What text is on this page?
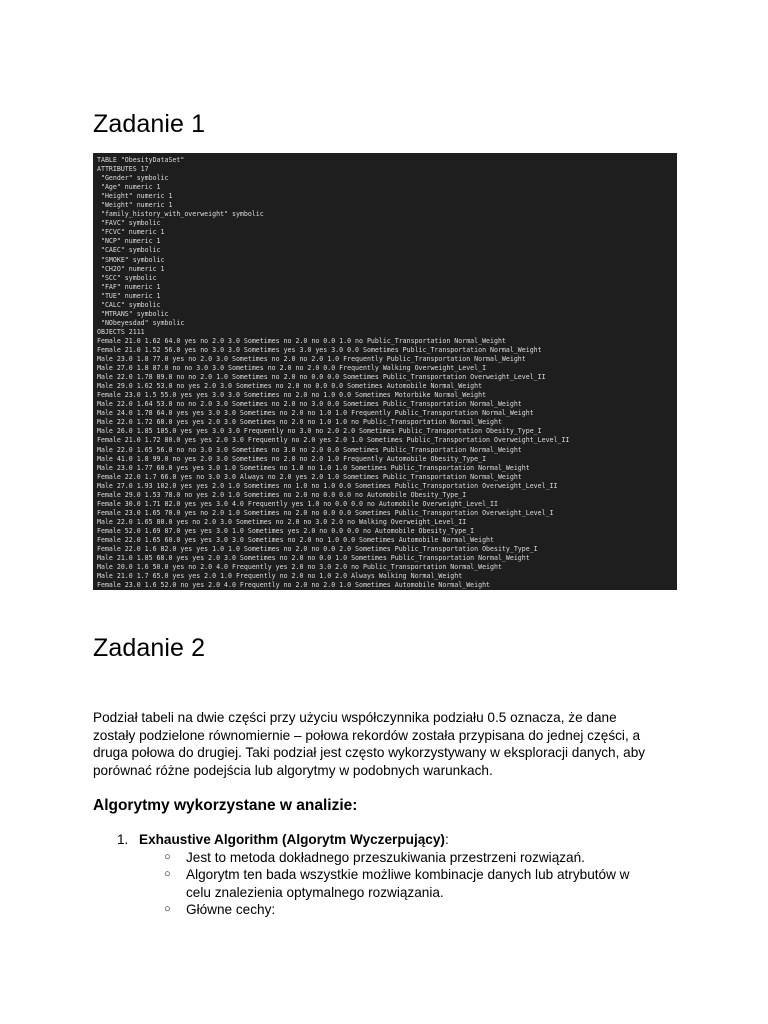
Zadanie 1
TABLE "ObesityDataSet"
ATTRIBUTES 17
"Gender" symbolic
"Age" numeric 1
"Height" numeric 1
"Weight" numeric 1
"family_history_with_overweight" symbolic
"FAVC" symbolic
"FCVC" numeric 1
"NCP" numeric 1
"CAEC" symbolic
"SMOKE" symbolic
"CH2O" numeric 1
"SCC" symbolic
"FAF" numeric 1
"TUE" numeric 1
"CALC" symbolic
"MTRANS" symbolic
"NObeyesdad" symbolic
OBJECTS 2111
Female 21.0 1.62 64.0 yes no 2.0 3.0 Sometimes no 2.0 no 0.0 1.0 no Public_Transportation Normal_Weight
Female 21.0 1.52 56.0 yes no 3.0 3.0 Sometimes yes 3.0 yes 3.0 0.0 Sometimes Public_Transportation Normal_Weight
Male 23.0 1.8 77.0 yes no 2.0 3.0 Sometimes no 2.0 no 2.0 1.0 Frequently Public_Transportation Normal_Weight
Male 27.0 1.8 87.0 no no 3.0 3.0 Sometimes no 2.0 no 2.0 0.0 Frequently Walking Overweight_Level_I
Male 22.0 1.78 89.8 no no 2.0 1.0 Sometimes no 2.0 no 0.0 0.0 Sometimes Public_Transportation Overweight_Level_II
Male 29.0 1.62 53.0 no yes 2.0 3.0 Sometimes no 2.0 no 0.0 0.0 Sometimes Automobile Normal_Weight
Female 23.0 1.5 55.0 yes yes 3.0 3.0 Sometimes no 2.0 no 1.0 0.0 Sometimes Motorbike Normal_Weight
Male 22.0 1.64 53.0 no no 2.0 3.0 Sometimes no 2.0 no 3.0 0.0 Sometimes Public_Transportation Normal_Weight
Male 24.0 1.78 64.0 yes yes 3.0 3.0 Sometimes no 2.0 no 1.0 1.0 Frequently Public_Transportation Normal_Weight
Male 22.0 1.72 68.0 yes yes 2.0 3.0 Sometimes no 2.0 no 1.0 1.0 no Public_Transportation Normal_Weight
Male 26.0 1.85 105.0 yes yes 3.0 3.0 Frequently no 3.0 no 2.0 2.0 Sometimes Public_Transportation Obesity_Type_I
Female 21.0 1.72 80.0 yes yes 2.0 3.0 Frequently no 2.0 yes 2.0 1.0 Sometimes Public_Transportation Overweight_Level_II
Male 22.0 1.65 56.0 no no 3.0 3.0 Sometimes no 3.0 no 2.0 0.0 Sometimes Public_Transportation Normal_Weight
Male 41.0 1.8 99.0 no yes 2.0 3.0 Sometimes no 2.0 no 2.0 1.0 Frequently Automobile Obesity_Type_I
Male 23.0 1.77 60.0 yes yes 3.0 1.0 Sometimes no 1.0 no 1.0 1.0 Sometimes Public_Transportation Normal_Weight
Female 22.0 1.7 66.0 yes no 3.0 3.0 Always no 2.0 yes 2.0 1.0 Sometimes Public_Transportation Normal_Weight
Male 27.0 1.93 102.0 yes yes 2.0 1.0 Sometimes no 1.0 no 1.0 0.0 Sometimes Public_Transportation Overweight_Level_II
Female 29.0 1.53 78.0 no yes 2.0 1.0 Sometimes no 2.0 no 0.0 0.0 no Automobile Obesity_Type_I
Female 30.0 1.71 82.0 yes yes 3.0 4.0 Frequently yes 1.0 no 0.0 0.0 no Automobile Overweight_Level_II
Female 23.0 1.65 70.0 yes no 2.0 1.0 Sometimes no 2.0 no 0.0 0.0 Sometimes Public_Transportation Overweight_Level_I
Male 22.0 1.65 80.0 yes no 2.0 3.0 Sometimes no 2.0 no 3.0 2.0 no Walking Overweight_Level_II
Female 52.0 1.69 87.0 yes yes 3.0 1.0 Sometimes yes 2.0 no 0.0 0.0 no Automobile Obesity_Type_I
Female 22.0 1.65 60.0 yes yes 3.0 3.0 Sometimes no 2.0 no 1.0 0.0 Sometimes Automobile Normal_Weight
Female 22.0 1.6 82.0 yes yes 1.0 1.0 Sometimes no 2.0 no 0.0 2.0 Sometimes Public_Transportation Obesity_Type_I
Male 21.0 1.85 68.0 yes yes 2.0 3.0 Sometimes no 2.0 no 0.0 1.0 Sometimes Public_Transportation Normal_Weight
Male 20.0 1.6 50.0 yes no 2.0 4.0 Frequently yes 2.0 no 3.0 2.0 no Public_Transportation Normal_Weight
Male 21.0 1.7 65.0 yes yes 2.0 1.0 Frequently no 2.0 no 1.0 2.0 Always Walking Normal_Weight
Female 23.0 1.6 52.0 no yes 2.0 4.0 Frequently no 2.0 no 2.0 1.0 Sometimes Automobile Normal_Weight
Zadanie 2
Podział tabeli na dwie części przy użyciu współczynnika podziału 0.5 oznacza, że dane
zostały podzielone równomiernie – połowa rekordów została przypisana do jednej części, a
druga połowa do drugiej. Taki podział jest często wykorzystywany w eksploracji danych, aby
porównać różne podejścia lub algorytmy w podobnych warunkach.
Algorytmy wykorzystane w analizie:
1. Exhaustive Algorithm (Algorytm Wyczerpujący):
○ Jest to metoda dokładnego przeszukiwania przestrzeni rozwiązań.
○ Algorytm ten bada wszystkie możliwe kombinacje danych lub atrybutów w
celu znalezienia optymalnego rozwiązania.
○ Główne cechy:
